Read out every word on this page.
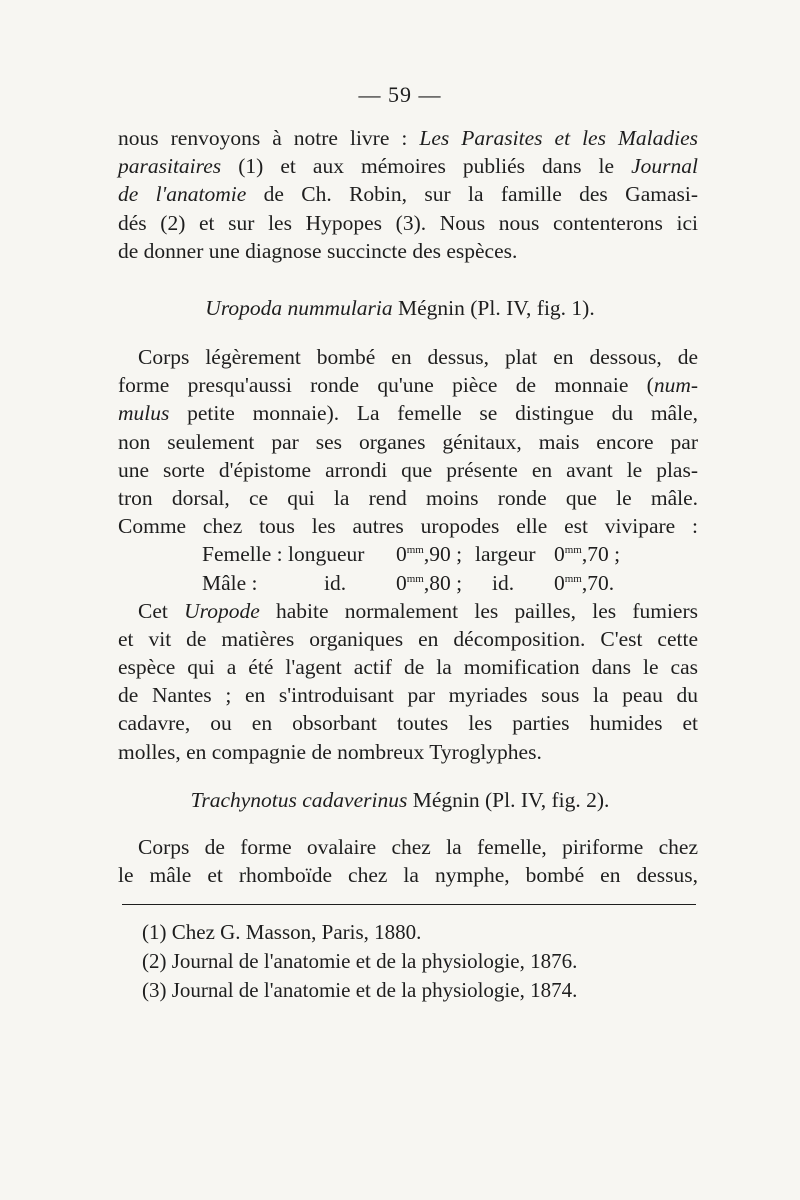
— 59 —
nous renvoyons à notre livre : Les Parasites et les Maladies
parasitaires (1) et aux mémoires publiés dans le Journal
de l'anatomie de Ch. Robin, sur la famille des Gamasi-
dés (2) et sur les Hypopes (3). Nous nous contenterons ici
de donner une diagnose succincte des espèces.
Uropoda nummularia Mégnin (Pl. IV, fig. 1).
Corps légèrement bombé en dessus, plat en dessous, de
forme presqu'aussi ronde qu'une pièce de monnaie (num-
mulus petite monnaie). La femelle se distingue du mâle,
non seulement par ses organes génitaux, mais encore par
une sorte d'épistome arrondi que présente en avant le plas-
tron dorsal, ce qui la rend moins ronde que le mâle.
Comme chez tous les autres uropodes elle est vivipare :
Femelle : longueur $0^{mm},90$ ; largeur $0^{mm},70$ ;
Mâle :	id. $0^{mm},80$ ; id. $0^{mm},70$.
Cet Uropode habite normalement les pailles, les fumiers
et vit de matières organiques en décomposition. C'est cette
espèce qui a été l'agent actif de la momification dans le cas
de Nantes ; en s'introduisant par myriades sous la peau du
cadavre, ou en obsorbant toutes les parties humides et
molles, en compagnie de nombreux Tyroglyphes.
Trachynotus cadaverinus Mégnin (Pl. IV, fig. 2).
Corps de forme ovalaire chez la femelle, piriforme chez
le mâle et rhomboïde chez la nymphe, bombé en dessus,
(1) Chez G. Masson, Paris, 1880.
(2) Journal de l'anatomie et de la physiologie, 1876.
(3) Journal de l'anatomie et de la physiologie, 1874.
